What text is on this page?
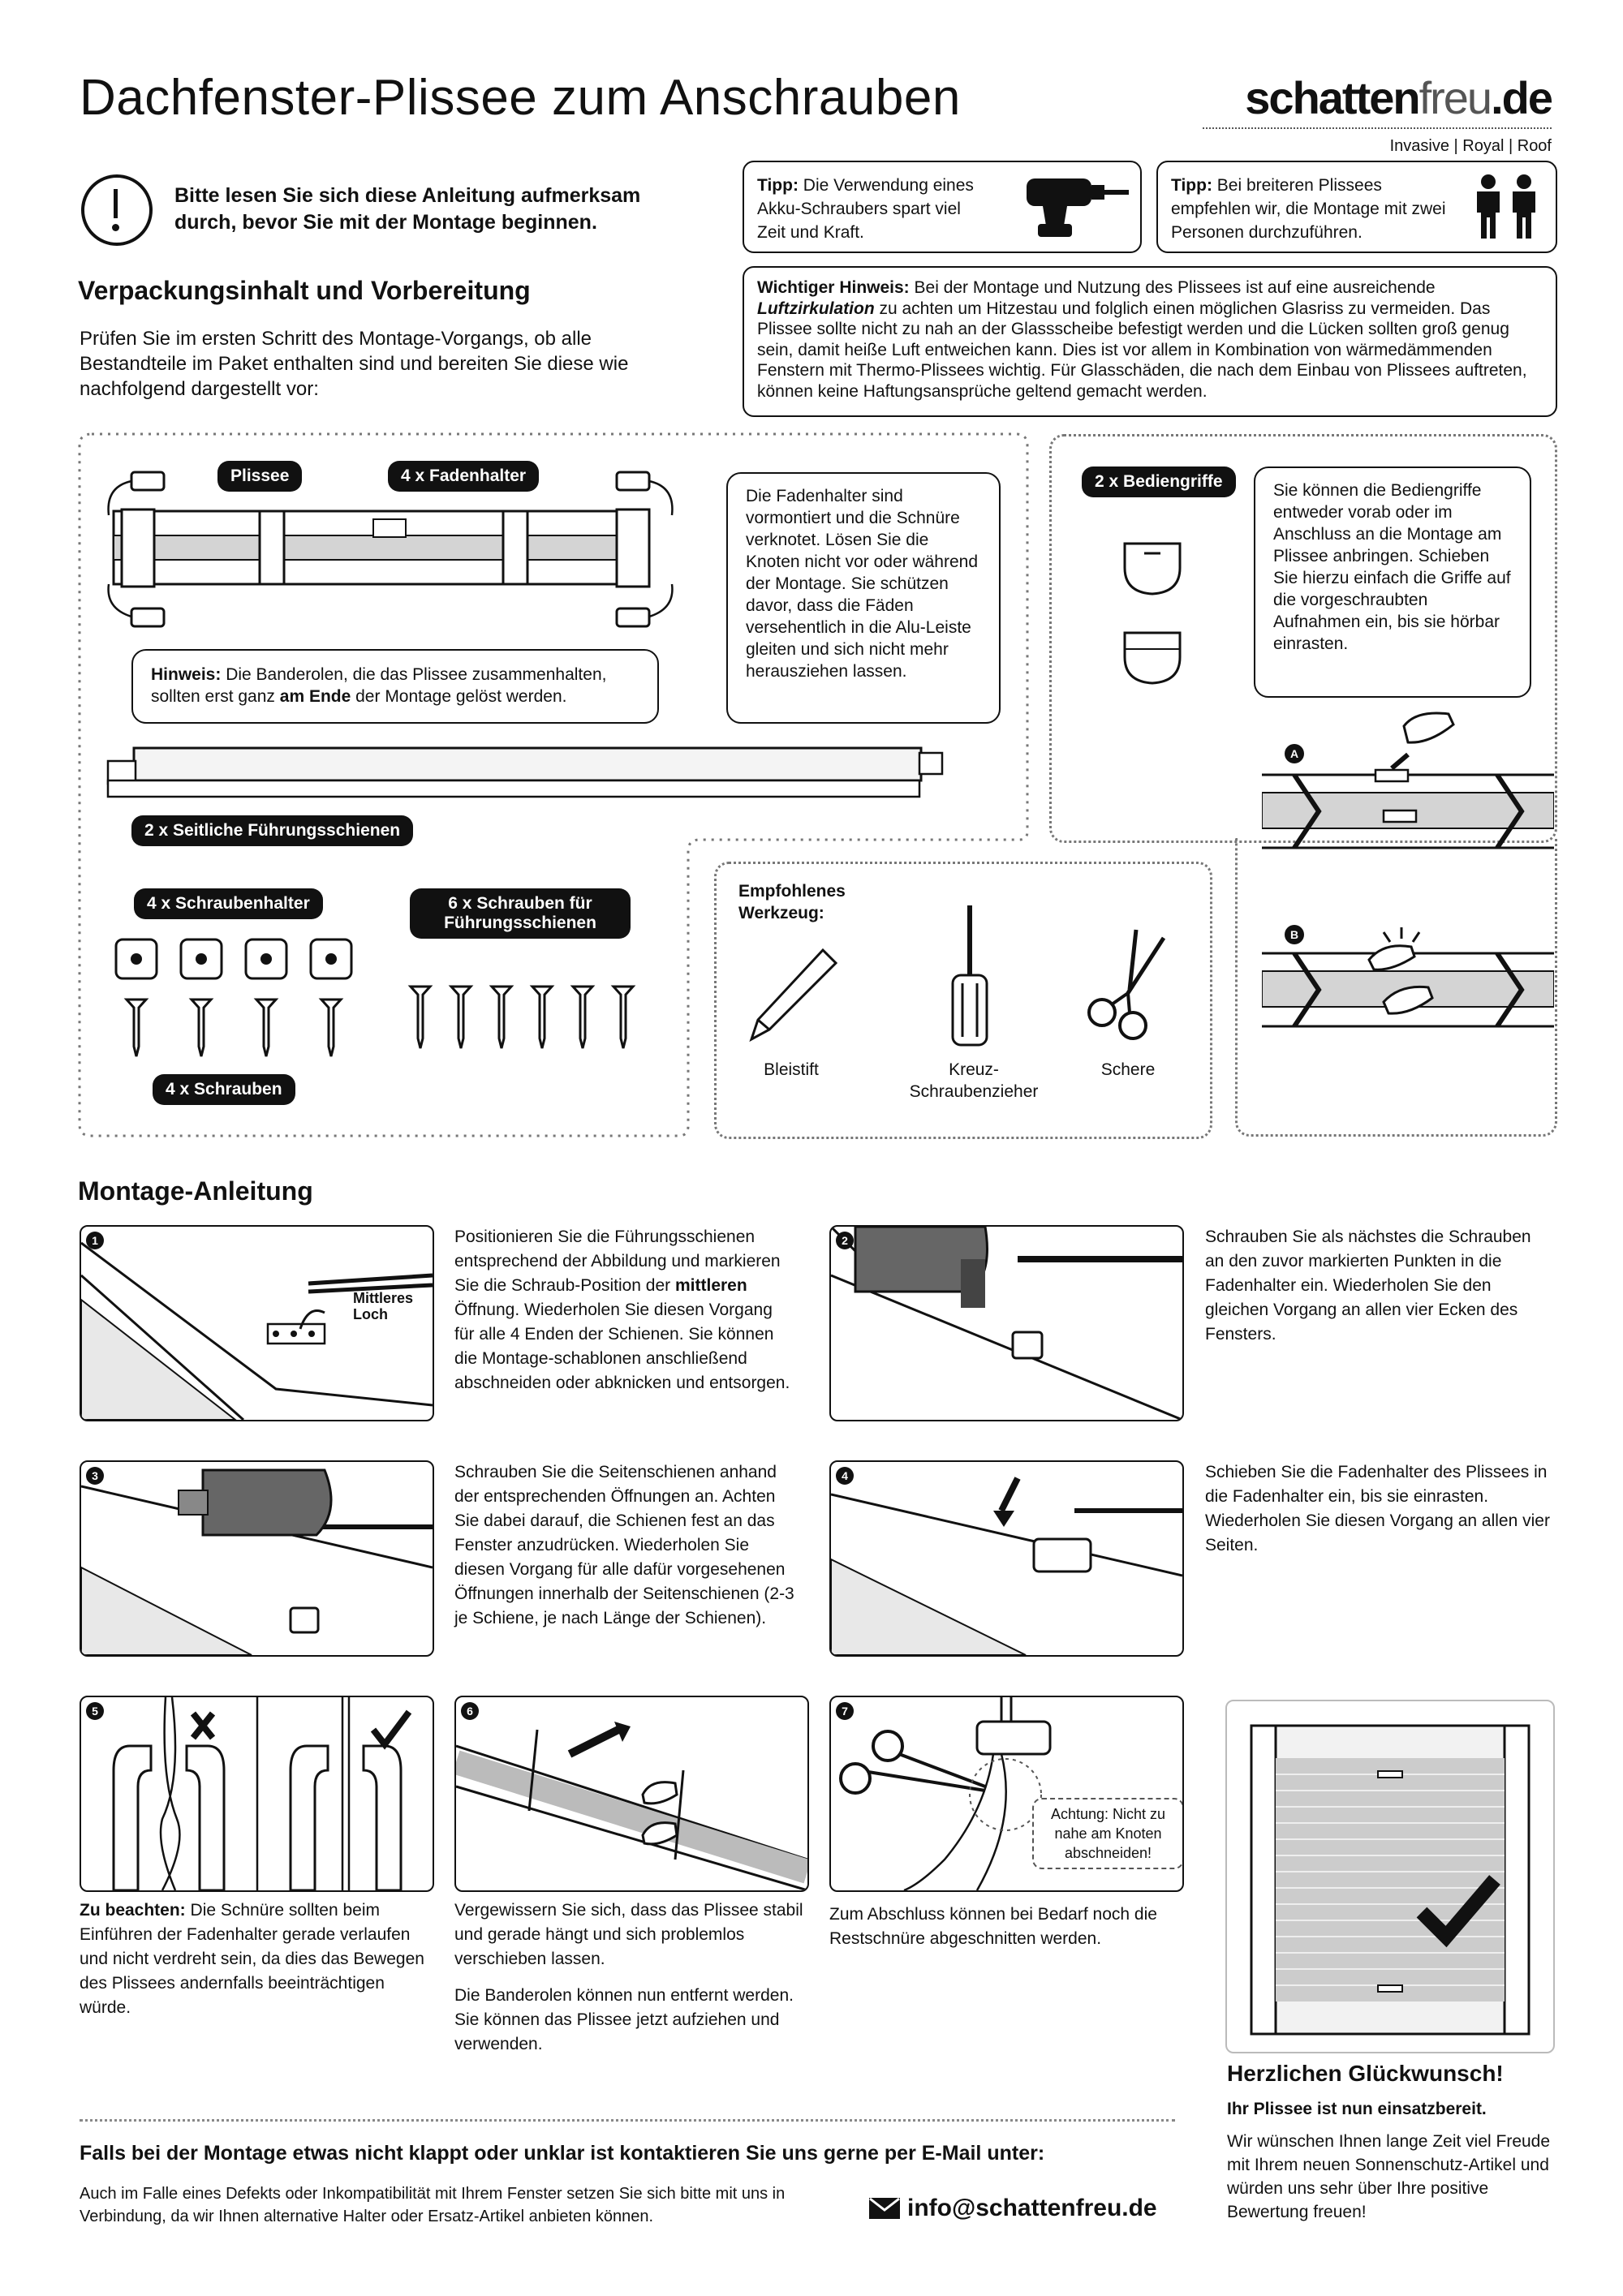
Dachfenster-Plissee zum Anschrauben	schattenfreu.de
Invasive | Royal | Roof
Bitte lesen Sie sich diese Anleitung aufmerksam durch, bevor Sie mit der Montage beginnen.
Tipp: Die Verwendung eines Akku-Schraubers spart viel Zeit und Kraft.
Tipp: Bei breiteren Plissees empfehlen wir, die Montage mit zwei Personen durchzuführen.
Wichtiger Hinweis: Bei der Montage und Nutzung des Plissees ist auf eine ausreichende Luftzirkulation zu achten um Hitzestau und folglich einen möglichen Glasriss zu vermeiden. Das Plissee sollte nicht zu nah an der Glassscheibe befestigt werden und die Lücken sollten groß genug sein, damit heiße Luft entweichen kann. Dies ist vor allem in Kombination von wärmedämmenden Fenstern mit Thermo-Plissees wichtig. Für Glasschäden, die nach dem Einbau von Plissees auftreten, können keine Haftungsansprüche geltend gemacht werden.
Verpackungsinhalt und Vorbereitung
Prüfen Sie im ersten Schritt des Montage-Vorgangs, ob alle Bestandteile im Paket enthalten sind und bereiten Sie diese wie nachfolgend dargestellt vor:
Plissee	4 x Fadenhalter
Die Fadenhalter sind vormontiert und die Schnüre verknotet. Lösen Sie die Knoten nicht vor oder während der Montage. Sie schützen davor, dass die Fäden versehentlich in die Alu-Leiste gleiten und sich nicht mehr herausziehen lassen.
Hinweis: Die Banderolen, die das Plissee zusammenhalten, sollten erst ganz am Ende der Montage gelöst werden.
2 x Seitliche Führungsschienen
4 x Schraubenhalter
4 x Schrauben
6 x Schrauben für Führungsschienen
Empfohlenes Werkzeug:
Bleistift	Kreuz-Schraubenzieher
Schere
2 x Bediengriffe	Sie können die Bediengriffe entweder vorab oder im Anschluss an die Montage am Plissee anbringen. Schieben Sie hierzu einfach die Griffe auf die vorgeschraubten Aufnahmen ein, bis sie hörbar einrasten.
A
B
Montage-Anleitung
1
Mittleres Loch
Positionieren Sie die Führungsschienen entsprechend der Abbildung und markieren Sie die Schraub-Position der mittleren Öffnung. Wiederholen Sie diesen Vorgang für alle 4 Enden der Schienen. Sie können die Montage-schablonen anschließend abschneiden oder abknicken und entsorgen.
2	Schrauben Sie als nächstes die Schrauben an den zuvor markierten Punkten in die Fadenhalter ein. Wiederholen Sie den gleichen Vorgang an allen vier Ecken des Fensters.
3	Schrauben Sie die Seitenschienen anhand der entsprechenden Öffnungen an. Achten Sie dabei darauf, die Schienen fest an das Fenster anzudrücken. Wiederholen Sie diesen Vorgang für alle dafür vorgesehenen Öffnungen innerhalb der Seitenschienen (2-3 je Schiene, je nach Länge der Schienen).
4	Schieben Sie die Fadenhalter des Plissees in die Fadenhalter ein, bis sie einrasten. Wiederholen Sie diesen Vorgang an allen vier Seiten.
5
Zu beachten: Die Schnüre sollten beim Einführen der Fadenhalter gerade verlaufen und nicht verdreht sein, da dies das Bewegen des Plissees andernfalls beeinträchtigen würde.
6
Vergewissern Sie sich, dass das Plissee stabil und gerade hängt und sich problemlos verschieben lassen.
Die Banderolen können nun entfernt werden. Sie können das Plissee jetzt aufziehen und verwenden.
7
Achtung: Nicht zu nahe am Knoten abschneiden!
Zum Abschluss können bei Bedarf noch die Restschnüre abgeschnitten werden.
Herzlichen Glückwunsch!
Ihr Plissee ist nun einsatzbereit.
Wir wünschen Ihnen lange Zeit viel Freude mit Ihrem neuen Sonnenschutz-Artikel und würden uns sehr über Ihre positive Bewertung freuen!
Falls bei der Montage etwas nicht klappt oder unklar ist kontaktieren Sie uns gerne per E-Mail unter:
Auch im Falle eines Defekts oder Inkompatibilität mit Ihrem Fenster setzen Sie sich bitte mit uns in Verbindung, da wir Ihnen alternative Halter oder Ersatz-Artikel anbieten können.	info@schattenfreu.de
